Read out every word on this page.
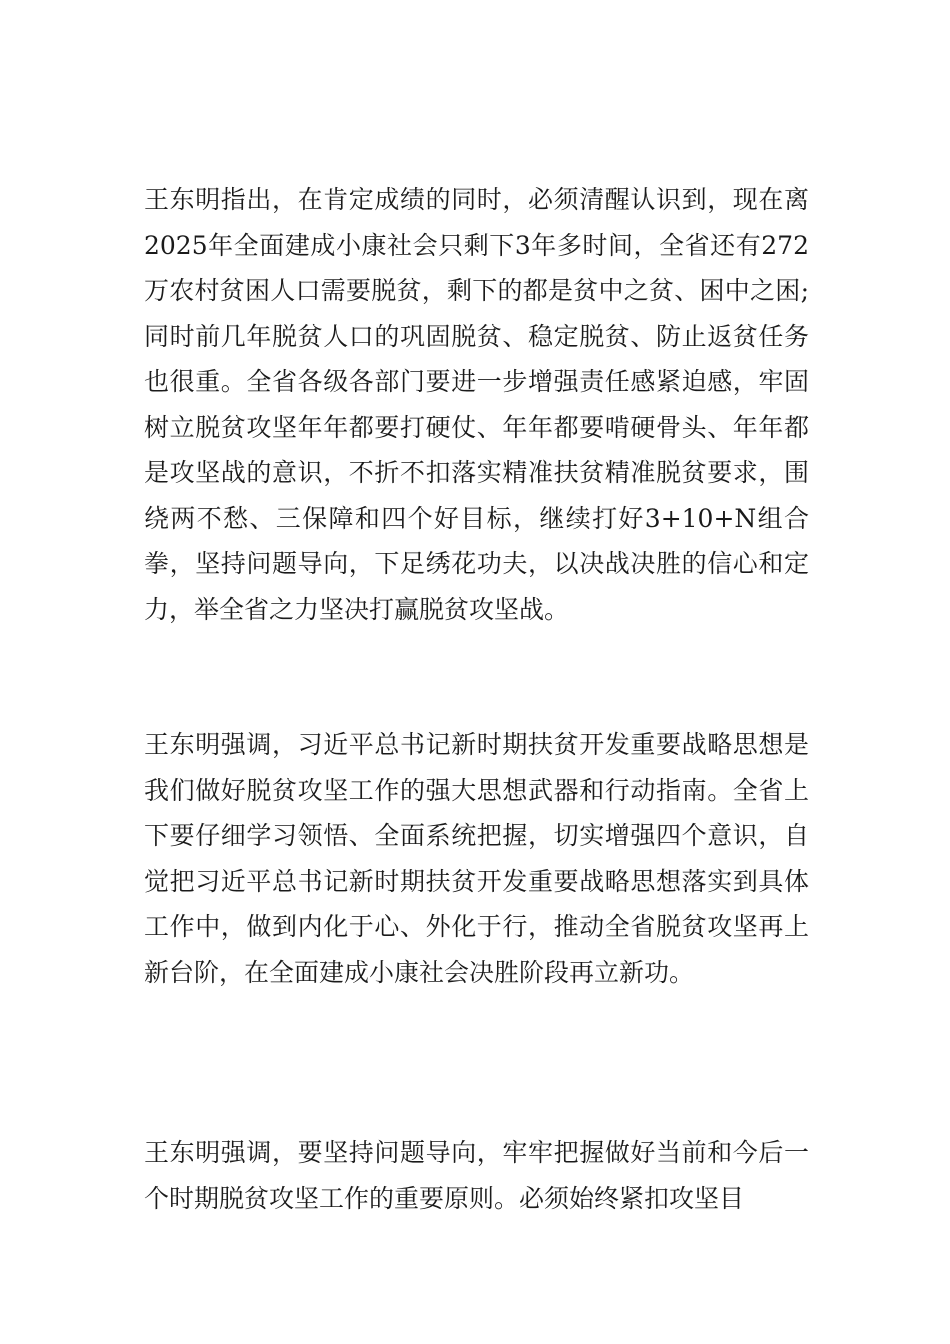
王东明指出，在肯定成绩的同时，必须清醒认识到，现在离2025年全面建成小康社会只剩下3年多时间，全省还有272万农村贫困人口需要脱贫，剩下的都是贫中之贫、困中之困;同时前几年脱贫人口的巩固脱贫、稳定脱贫、防止返贫任务也很重。全省各级各部门要进一步增强责任感紧迫感，牢固树立脱贫攻坚年年都要打硬仗、年年都要啃硬骨头、年年都是攻坚战的意识，不折不扣落实精准扶贫精准脱贫要求，围绕两不愁、三保障和四个好目标，继续打好3+10+N组合拳，坚持问题导向，下足绣花功夫，以决战决胜的信心和定力，举全省之力坚决打赢脱贫攻坚战。

王东明强调，习近平总书记新时期扶贫开发重要战略思想是我们做好脱贫攻坚工作的强大思想武器和行动指南。全省上下要仔细学习领悟、全面系统把握，切实增强四个意识，自觉把习近平总书记新时期扶贫开发重要战略思想落实到具体工作中，做到内化于心、外化于行，推动全省脱贫攻坚再上新台阶，在全面建成小康社会决胜阶段再立新功。

王东明强调，要坚持问题导向，牢牢把握做好当前和今后一个时期脱贫攻坚工作的重要原则。必须始终紧扣攻坚目
